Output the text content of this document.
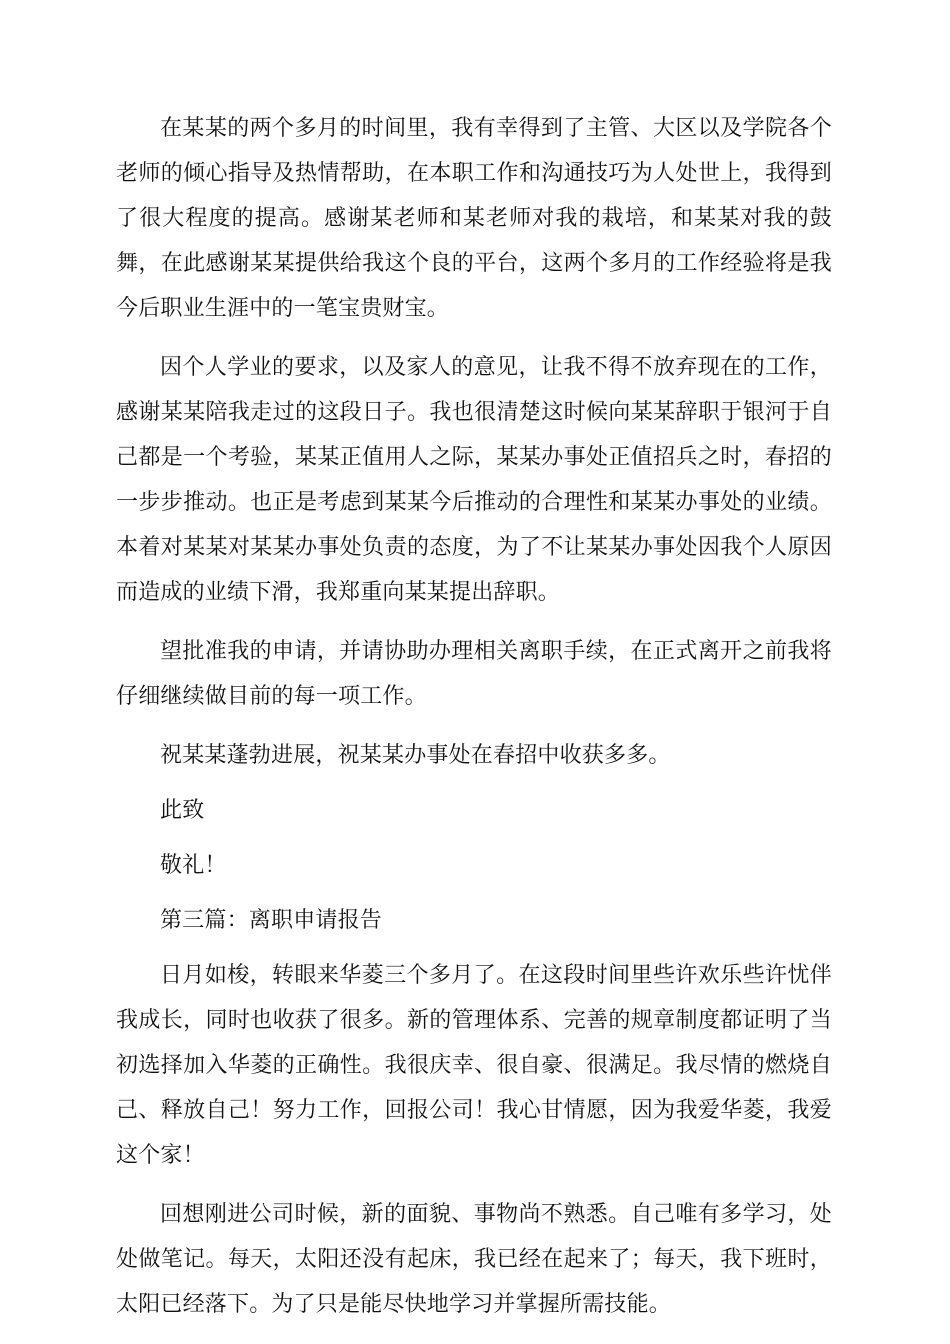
在某某的两个多月的时间里，我有幸得到了主管、大区以及学院各个老师的倾心指导及热情帮助，在本职工作和沟通技巧为人处世上，我得到了很大程度的提高。感谢某老师和某老师对我的栽培，和某某对我的鼓舞，在此感谢某某提供给我这个良的平台，这两个多月的工作经验将是我今后职业生涯中的一笔宝贵财宝。

因个人学业的要求，以及家人的意见，让我不得不放弃现在的工作，感谢某某陪我走过的这段日子。我也很清楚这时候向某某辞职于银河于自己都是一个考验，某某正值用人之际，某某办事处正值招兵之时，春招的一步步推动。也正是考虑到某某今后推动的合理性和某某办事处的业绩。本着对某某对某某办事处负责的态度，为了不让某某办事处因我个人原因而造成的业绩下滑，我郑重向某某提出辞职。

望批准我的申请，并请协助办理相关离职手续，在正式离开之前我将仔细继续做目前的每一项工作。

祝某某蓬勃进展，祝某某办事处在春招中收获多多。

此致

敬礼！

第三篇：离职申请报告

日月如梭，转眼来华菱三个多月了。在这段时间里些许欢乐些许忧伴我成长，同时也收获了很多。新的管理体系、完善的规章制度都证明了当初选择加入华菱的正确性。我很庆幸、很自豪、很满足。我尽情的燃烧自己、释放自己！努力工作，回报公司！我心甘情愿，因为我爱华菱，我爱这个家！

回想刚进公司时候，新的面貌、事物尚不熟悉。自己唯有多学习，处处做笔记。每天，太阳还没有起床，我已经在起来了；每天，我下班时，太阳已经落下。为了只是能尽快地学习并掌握所需技能。
